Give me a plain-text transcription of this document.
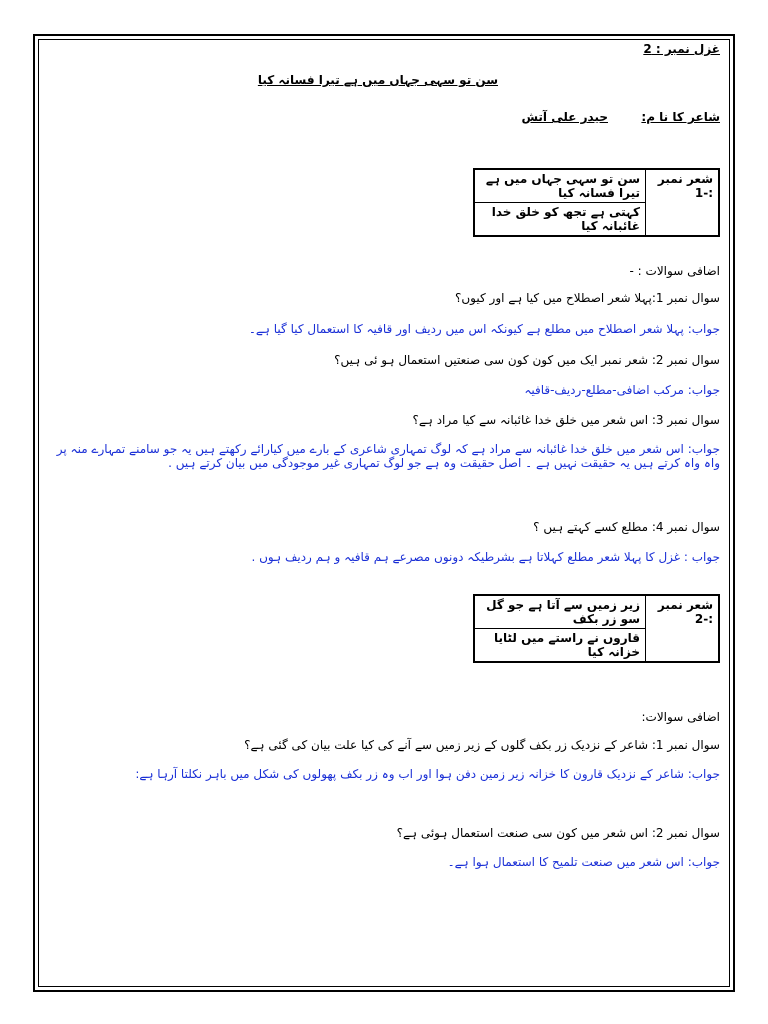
غزل نمبر : 2
سن تو سہی جہاں میں ہے تیرا فسانہ کیا
شاعر کا نا م:
حیدر علی آتش
شعر نمبر :-1	سن تو سہی جہاں میں ہے تیرا فسانہ کیا
کہتی ہے تجھ کو خلق خدا غائبانہ کیا
اضافی سوالات : -
سوال نمبر 1:پہلا شعر اصطلاح میں کیا ہے اور کیوں؟
جواب: پہلا شعر اصطلاح میں مطلع ہے کیونکہ اس میں ردیف اور قافیہ کا استعمال کیا گیا ہے۔
سوال نمبر 2: شعر نمبر ایک میں کون کون سی صنعتیں استعمال ہو ئی ہیں؟
جواب: مرکب اضافی-مطلع-ردیف-قافیہ
سوال نمبر 3: اس شعر میں خلق خدا غائبانہ سے کیا مراد ہے؟
جواب: اس شعر میں خلق خدا غائبانہ سے مراد ہے کہ لوگ تمہاری شاعری کے بارے میں کیارائے رکھتے ہیں یہ جو سامنے تمہارے منہ پر واہ واہ کرتے ہیں یہ حقیقت نہیں ہے ۔ اصل حقیقت وہ ہے جو لوگ تمہاری غیر موجودگی میں بیان کرتے ہیں .
سوال نمبر 4: مطلع کسے کہتے ہیں ؟
جواب : غزل کا پہلا شعر مطلع کہلاتا ہے بشرطیکہ دونوں مصرعے ہم قافیہ و ہم ردیف ہوں .
شعر نمبر :-2	زیر زمیں سے آتا ہے جو گل سو زر بکف
قاروں نے راستے میں لٹایا خزانہ کیا
اضافی سوالات:
سوال نمبر 1: شاعر کے نزدیک زر بکف گلوں کے زیر زمیں سے آنے کی کیا علت بیان کی گئی ہے؟
جواب: شاعر کے نزدیک قارون کا خزانہ زیر زمین دفن ہوا اور اب وہ زر بکف پھولوں کی شکل میں باہر نکلتا آرہا ہے:
سوال نمبر 2: اس شعر میں کون سی صنعت استعمال ہوئی ہے؟
جواب: اس شعر میں صنعت تلمیح کا استعمال ہوا ہے۔
